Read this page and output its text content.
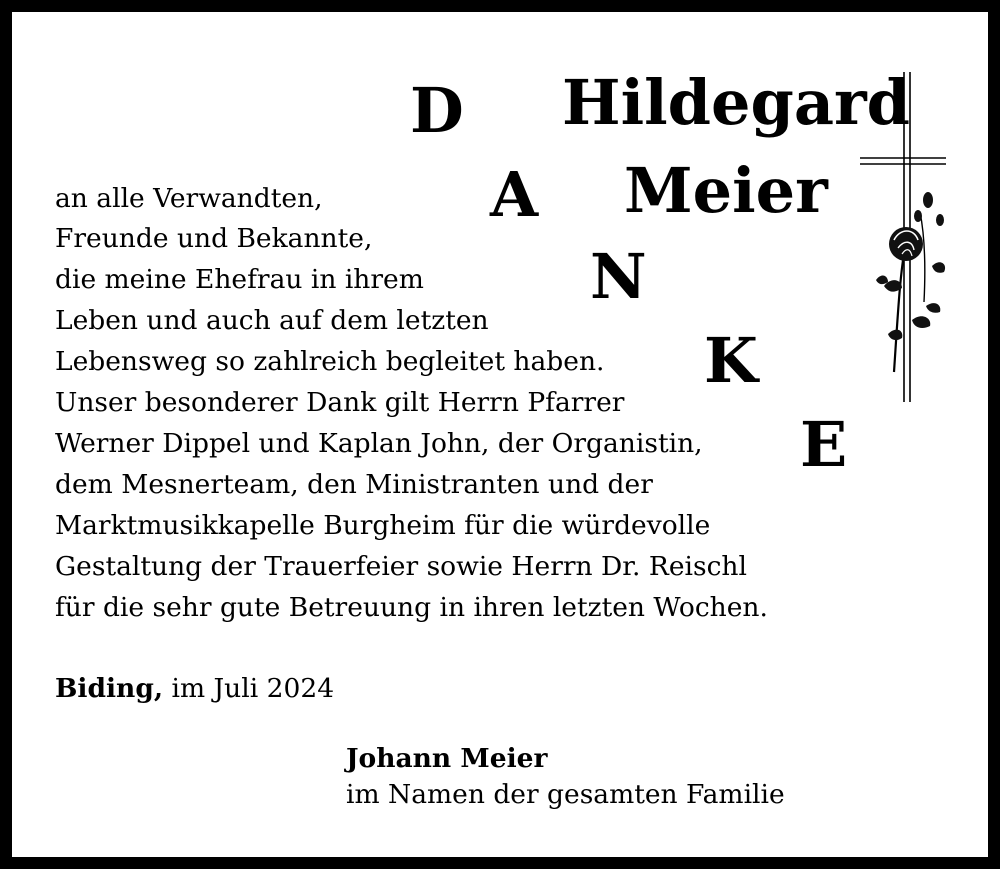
Hildegard
Meier
D
A
N
K
E
an alle Verwandten,
Freunde und Bekannte,
die meine Ehefrau in ihrem
Leben und auch auf dem letzten
Lebensweg so zahlreich begleitet haben.
Unser besonderer Dank gilt Herrn Pfarrer
Werner Dippel und Kaplan John, der Organistin,
dem Mesnerteam, den Ministranten und der
Marktmusikkapelle Burgheim für die würdevolle
Gestaltung der Trauerfeier sowie Herrn Dr. Reischl
für die sehr gute Betreuung in ihren letzten Wochen.
Biding, im Juli 2024
Johann Meier
im Namen der gesamten Familie
